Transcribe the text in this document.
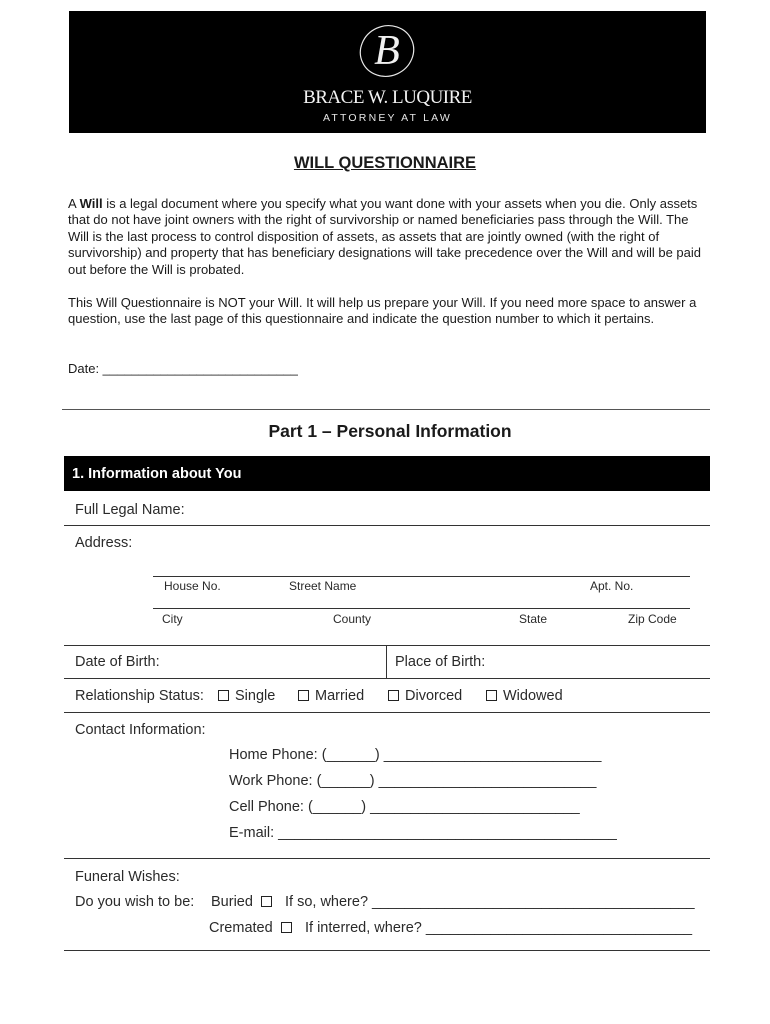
B
BRACE W. LUQUIRE
ATTORNEY AT LAW
WILL QUESTIONNAIRE
A Will is a legal document where you specify what you want done with your assets when you die. Only assets that do not have joint owners with the right of survivorship or named beneficiaries pass through the Will. The Will is the last process to control disposition of assets, as assets that are jointly owned (with the right of survivorship) and property that has beneficiary designations will take precedence over the Will and will be paid out before the Will is probated.
This Will Questionnaire is NOT your Will. It will help us prepare your Will. If you need more space to answer a question, use the last page of this questionnaire and indicate the question number to which it pertains.
Date: ___________________________
Part 1 – Personal Information
1. Information about You
Full Legal Name:
Address:
House No.	Street Name	Apt. No.
City	County	State	Zip Code
Date of Birth:	Place of Birth:
Relationship Status:	Single	Married	Divorced	Widowed
Contact Information:
Home Phone: (______) ___________________________
Work Phone: (______) ___________________________
Cell Phone: (______) __________________________
E-mail: __________________________________________
Funeral Wishes:
Do you wish to be: Buried	If so, where? ________________________________________
Cremated	If interred, where? _________________________________
